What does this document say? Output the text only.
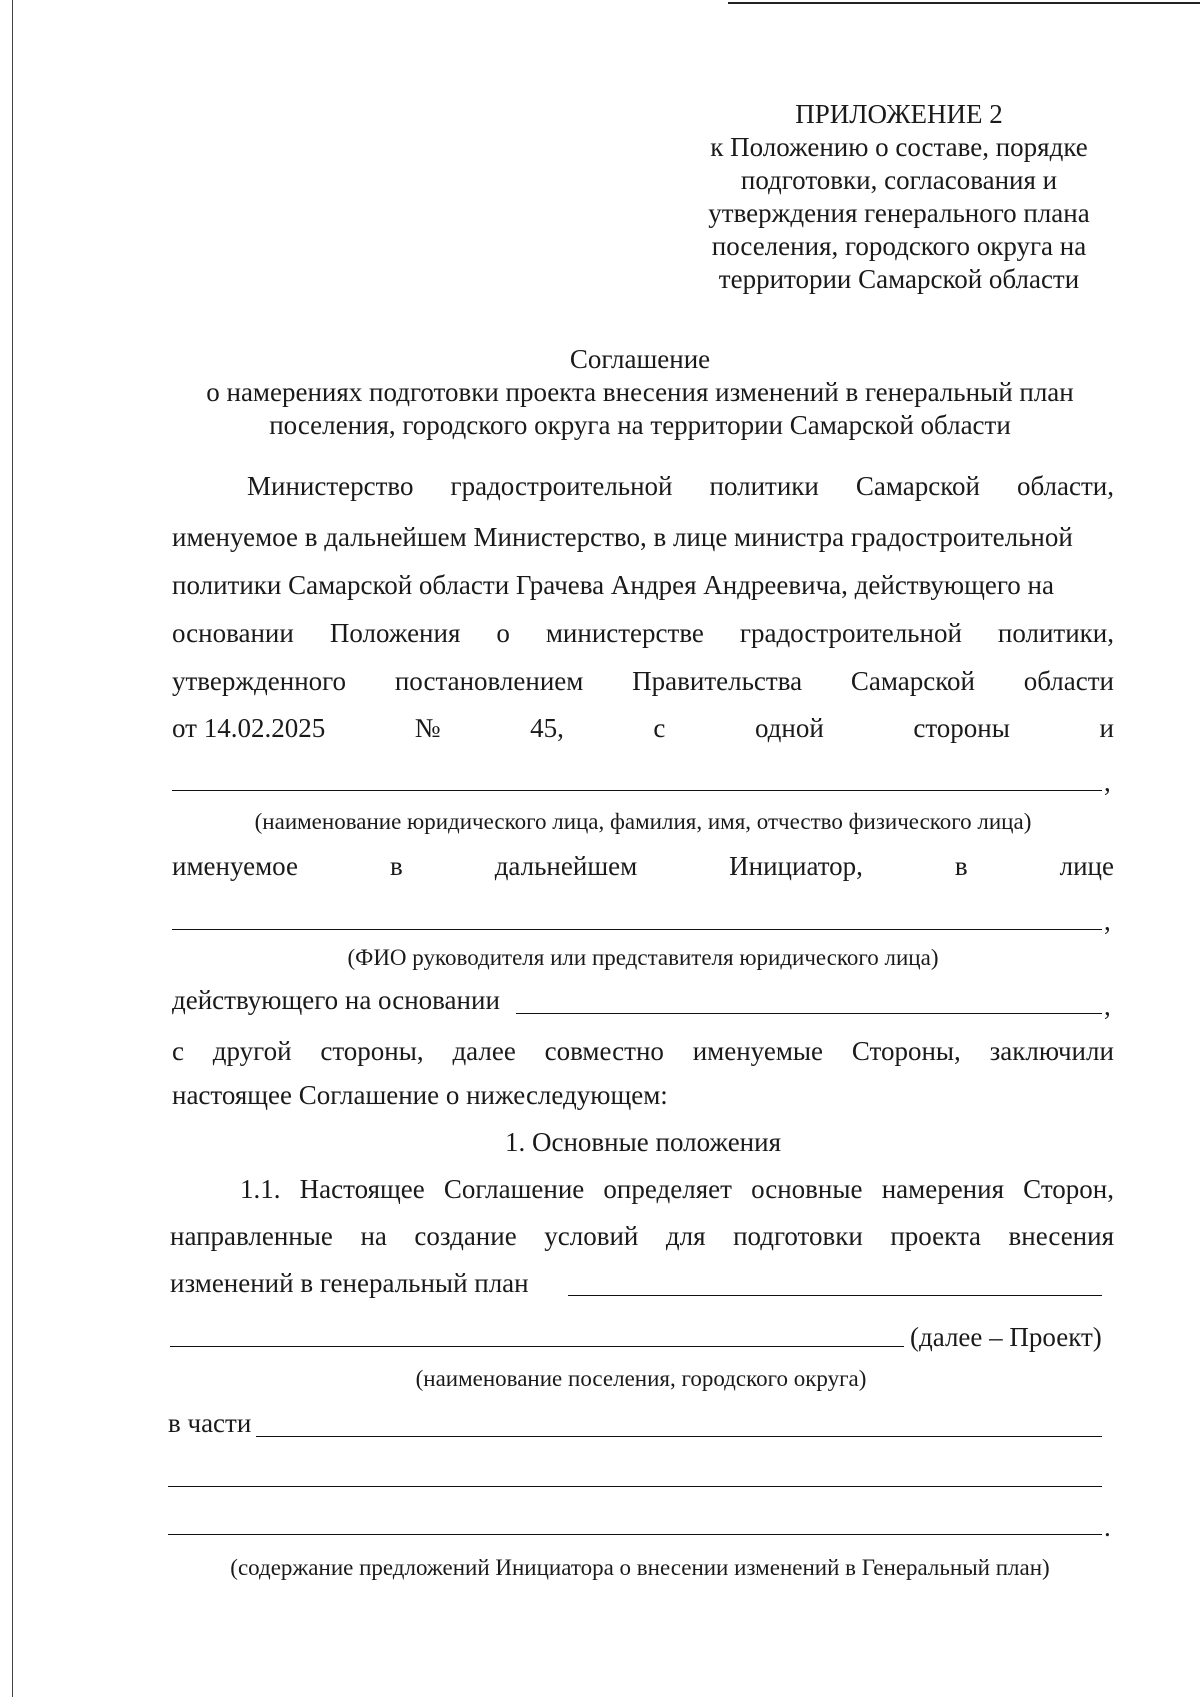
ПРИЛОЖЕНИЕ 2
к Положению о составе, порядке
подготовки, согласования и
утверждения генерального плана
поселения, городского округа на
территории Самарской области
Соглашение
о намерениях подготовки проекта внесения изменений в генеральный план
поселения, городского округа на территории Самарской области
Министерство градостроительной политики Самарской области,
именуемое в дальнейшем Министерство, в лице министра градостроительной
политики Самарской области Грачева Андрея Андреевича, действующего на
основании Положения о министерстве градостроительной политики,
утвержденного постановлением Правительства Самарской области
от 14.02.2025	№	45,	с	одной	стороны	и
,
(наименование юридического лица, фамилия, имя, отчество физического лица)
именуемое	в	дальнейшем	Инициатор,	в	лице
,
(ФИО руководителя или представителя юридического лица)
действующего на основании	,
с другой стороны, далее совместно именуемые Стороны, заключили
настоящее Соглашение о нижеследующем:
1. Основные положения
1.1. Настоящее Соглашение определяет основные намерения Сторон,
направленные на создание условий для подготовки проекта внесения
изменений в генеральный план
(далее – Проект)
(наименование поселения, городского округа)
в части
.
(содержание предложений Инициатора о внесении изменений в Генеральный план)
